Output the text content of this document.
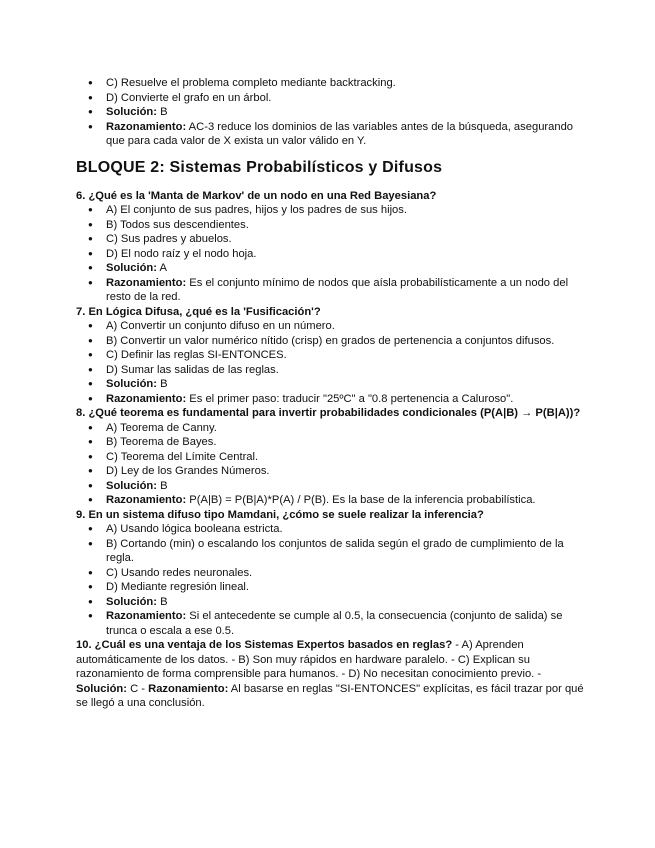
● C) Resuelve el problema completo mediante backtracking.
● D) Convierte el grafo en un árbol.
● Solución: B
● Razonamiento: AC-3 reduce los dominios de las variables antes de la búsqueda, asegurando que para cada valor de X exista un valor válido en Y.
BLOQUE 2: Sistemas Probabilísticos y Difusos
6. ¿Qué es la 'Manta de Markov' de un nodo en una Red Bayesiana?
● A) El conjunto de sus padres, hijos y los padres de sus hijos.
● B) Todos sus descendientes.
● C) Sus padres y abuelos.
● D) El nodo raíz y el nodo hoja.
● Solución: A
● Razonamiento: Es el conjunto mínimo de nodos que aísla probabilísticamente a un nodo del resto de la red.
7. En Lógica Difusa, ¿qué es la 'Fusificación'?
● A) Convertir un conjunto difuso en un número.
● B) Convertir un valor numérico nítido (crisp) en grados de pertenencia a conjuntos difusos.
● C) Definir las reglas SI-ENTONCES.
● D) Sumar las salidas de las reglas.
● Solución: B
● Razonamiento: Es el primer paso: traducir "25ºC" a "0.8 pertenencia a Caluroso".
8. ¿Qué teorema es fundamental para invertir probabilidades condicionales (P(A|B) → P(B|A))?
● A) Teorema de Canny.
● B) Teorema de Bayes.
● C) Teorema del Límite Central.
● D) Ley de los Grandes Números.
● Solución: B
● Razonamiento: P(A|B) = P(B|A)*P(A) / P(B). Es la base de la inferencia probabilística.
9. En un sistema difuso tipo Mamdani, ¿cómo se suele realizar la inferencia?
● A) Usando lógica booleana estricta.
● B) Cortando (min) o escalando los conjuntos de salida según el grado de cumplimiento de la regla.
● C) Usando redes neuronales.
● D) Mediante regresión lineal.
● Solución: B
● Razonamiento: Si el antecedente se cumple al 0.5, la consecuencia (conjunto de salida) se trunca o escala a ese 0.5.
10. ¿Cuál es una ventaja de los Sistemas Expertos basados en reglas? - A) Aprenden automáticamente de los datos. - B) Son muy rápidos en hardware paralelo. - C) Explican su razonamiento de forma comprensible para humanos. - D) No necesitan conocimiento previo. - Solución: C - Razonamiento: Al basarse en reglas "SI-ENTONCES" explícitas, es fácil trazar por qué se llegó a una conclusión.
